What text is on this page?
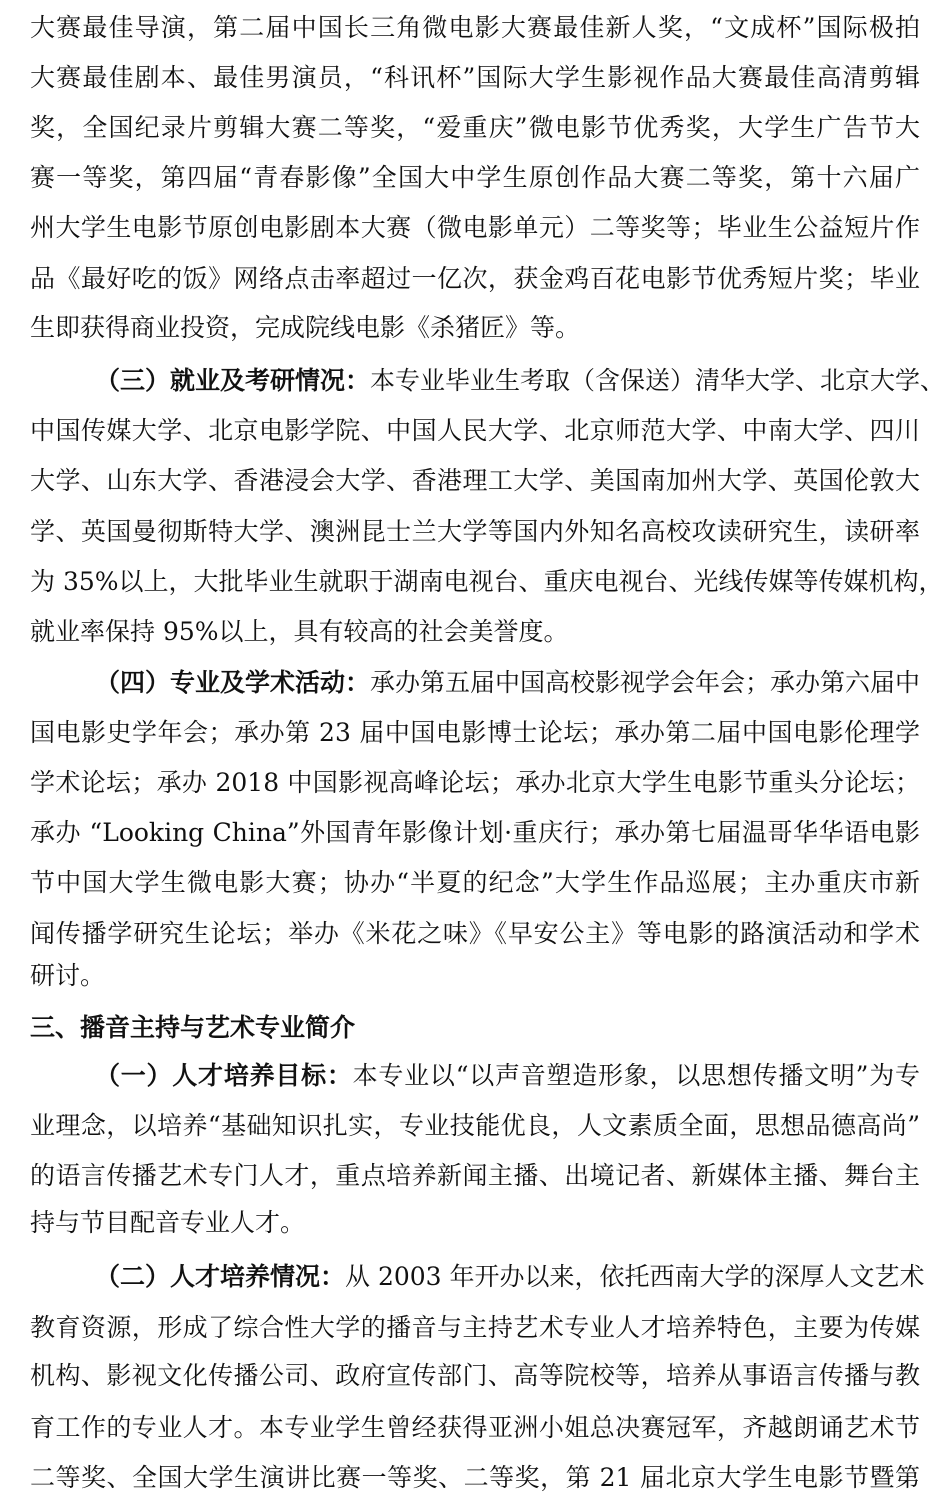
大赛最佳导演，第二届中国长三角微电影大赛最佳新人奖，“文成杯”国际极拍
大赛最佳剧本、最佳男演员，“科讯杯”国际大学生影视作品大赛最佳高清剪辑
奖，全国纪录片剪辑大赛二等奖，“爱重庆”微电影节优秀奖，大学生广告节大
赛一等奖，第四届“青春影像”全国大中学生原创作品大赛二等奖，第十六届广
州大学生电影节原创电影剧本大赛（微电影单元）二等奖等；毕业生公益短片作
品《最好吃的饭》网络点击率超过一亿次，获金鸡百花电影节优秀短片奖；毕业
生即获得商业投资，完成院线电影《杀猪匠》等。
（三）就业及考研情况：本专业毕业生考取（含保送）清华大学、北京大学、
中国传媒大学、北京电影学院、中国人民大学、北京师范大学、中南大学、四川
大学、山东大学、香港浸会大学、香港理工大学、美国南加州大学、英国伦敦大
学、英国曼彻斯特大学、澳洲昆士兰大学等国内外知名高校攻读研究生，读研率
为 35%以上，大批毕业生就职于湖南电视台、重庆电视台、光线传媒等传媒机构，
就业率保持 95%以上，具有较高的社会美誉度。
（四）专业及学术活动：承办第五届中国高校影视学会年会；承办第六届中
国电影史学年会；承办第 23 届中国电影博士论坛；承办第二届中国电影伦理学
学术论坛；承办 2018 中国影视高峰论坛；承办北京大学生电影节重头分论坛；
承办 “Looking China”外国青年影像计划·重庆行；承办第七届温哥华华语电影
节中国大学生微电影大赛；协办“半夏的纪念”大学生作品巡展；主办重庆市新
闻传播学研究生论坛；举办《米花之味》《早安公主》等电影的路演活动和学术
研讨。
三、播音主持与艺术专业简介
（一）人才培养目标：本专业以“以声音塑造形象，以思想传播文明”为专
业理念，以培养“基础知识扎实，专业技能优良，人文素质全面，思想品德高尚”
的语言传播艺术专门人才，重点培养新闻主播、出境记者、新媒体主播、舞台主
持与节目配音专业人才。
（二）人才培养情况：从 2003 年开办以来，依托西南大学的深厚人文艺术
教育资源，形成了综合性大学的播音与主持艺术专业人才培养特色，主要为传媒
机构、影视文化传播公司、政府宣传部门、高等院校等，培养从事语言传播与教
育工作的专业人才。本专业学生曾经获得亚洲小姐总决赛冠军，齐越朗诵艺术节
二等奖、全国大学生演讲比赛一等奖、二等奖，第 21 届北京大学生电影节暨第
